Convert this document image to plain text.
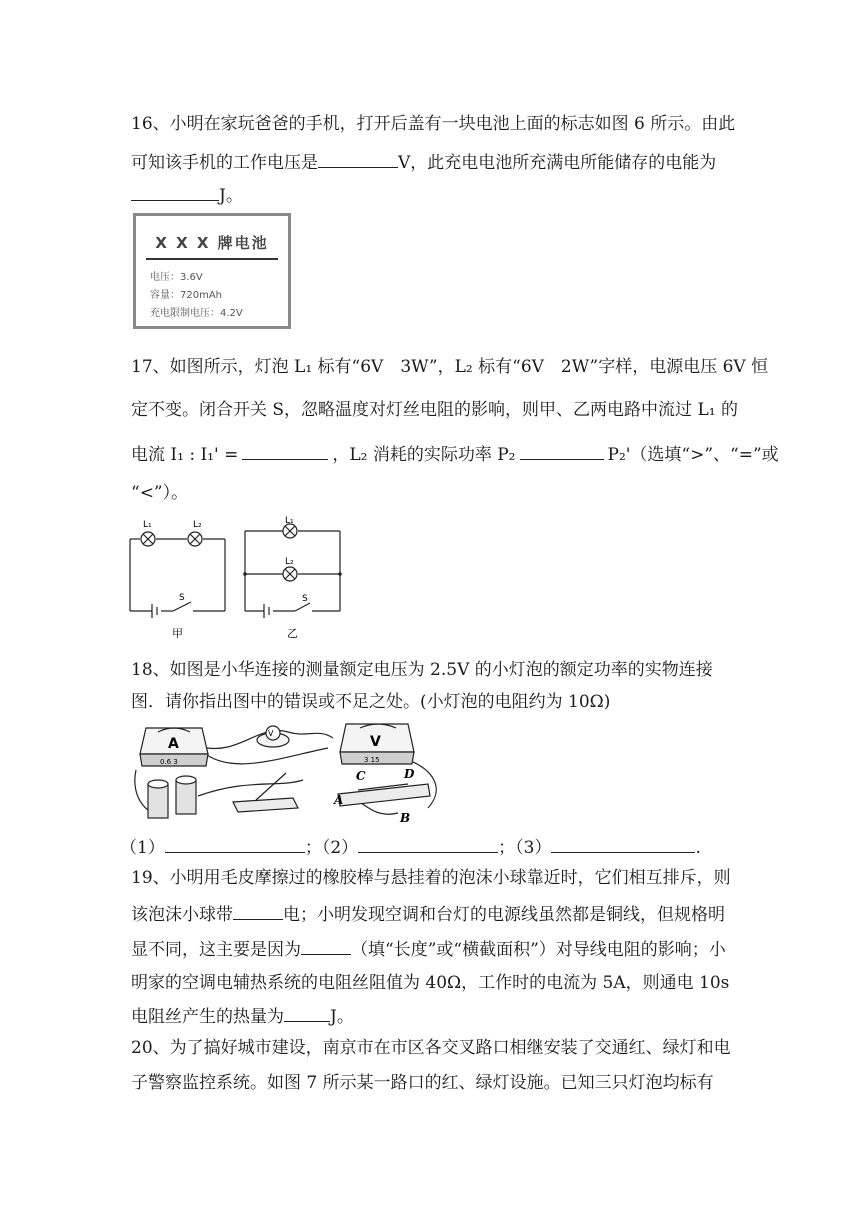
16、小明在家玩爸爸的手机，打开后盖有一块电池上面的标志如图 6 所示。由此
可知该手机的工作电压是	V，此充电电池所充满电所能储存的电能为
J。
X X X 牌电池
电压：3.6V
容量：720mAh
充电限制电压：4.2V
17、如图所示，灯泡 L₁ 标有“6V　3W”，L₂ 标有“6V　2W”字样，电源电压 6V 恒
定不变。闭合开关 S，忽略温度对灯丝电阻的影响，则甲、乙两电路中流过 L₁ 的
电流 I₁ : I₁' =	，L₂ 消耗的实际功率 P₂	P₂'（选填“>”、“=”或
“<”）。
L₁	L₂
S
甲
L₁
L₂
S
乙
18、如图是小华连接的测量额定电压为 2.5V 的小灯泡的额定功率的实物连接
图．请你指出图中的错误或不足之处。(小灯泡的电阻约为 10Ω)
A
0.6 3
V
3 15
V
A
B
C	D
（1）	；（2）	；（3）	.
19、小明用毛皮摩擦过的橡胶棒与悬挂着的泡沫小球靠近时，它们相互排斥，则
该泡沫小球带	电；小明发现空调和台灯的电源线虽然都是铜线，但规格明
显不同，这主要是因为	（填“长度”或“横截面积”）对导线电阻的影响；小
明家的空调电辅热系统的电阻丝阻值为 40Ω，工作时的电流为 5A，则通电 10s
电阻丝产生的热量为	J。
20、为了搞好城市建设，南京市在市区各交叉路口相继安装了交通红、绿灯和电
子警察监控系统。如图 7 所示某一路口的红、绿灯设施。已知三只灯泡均标有
